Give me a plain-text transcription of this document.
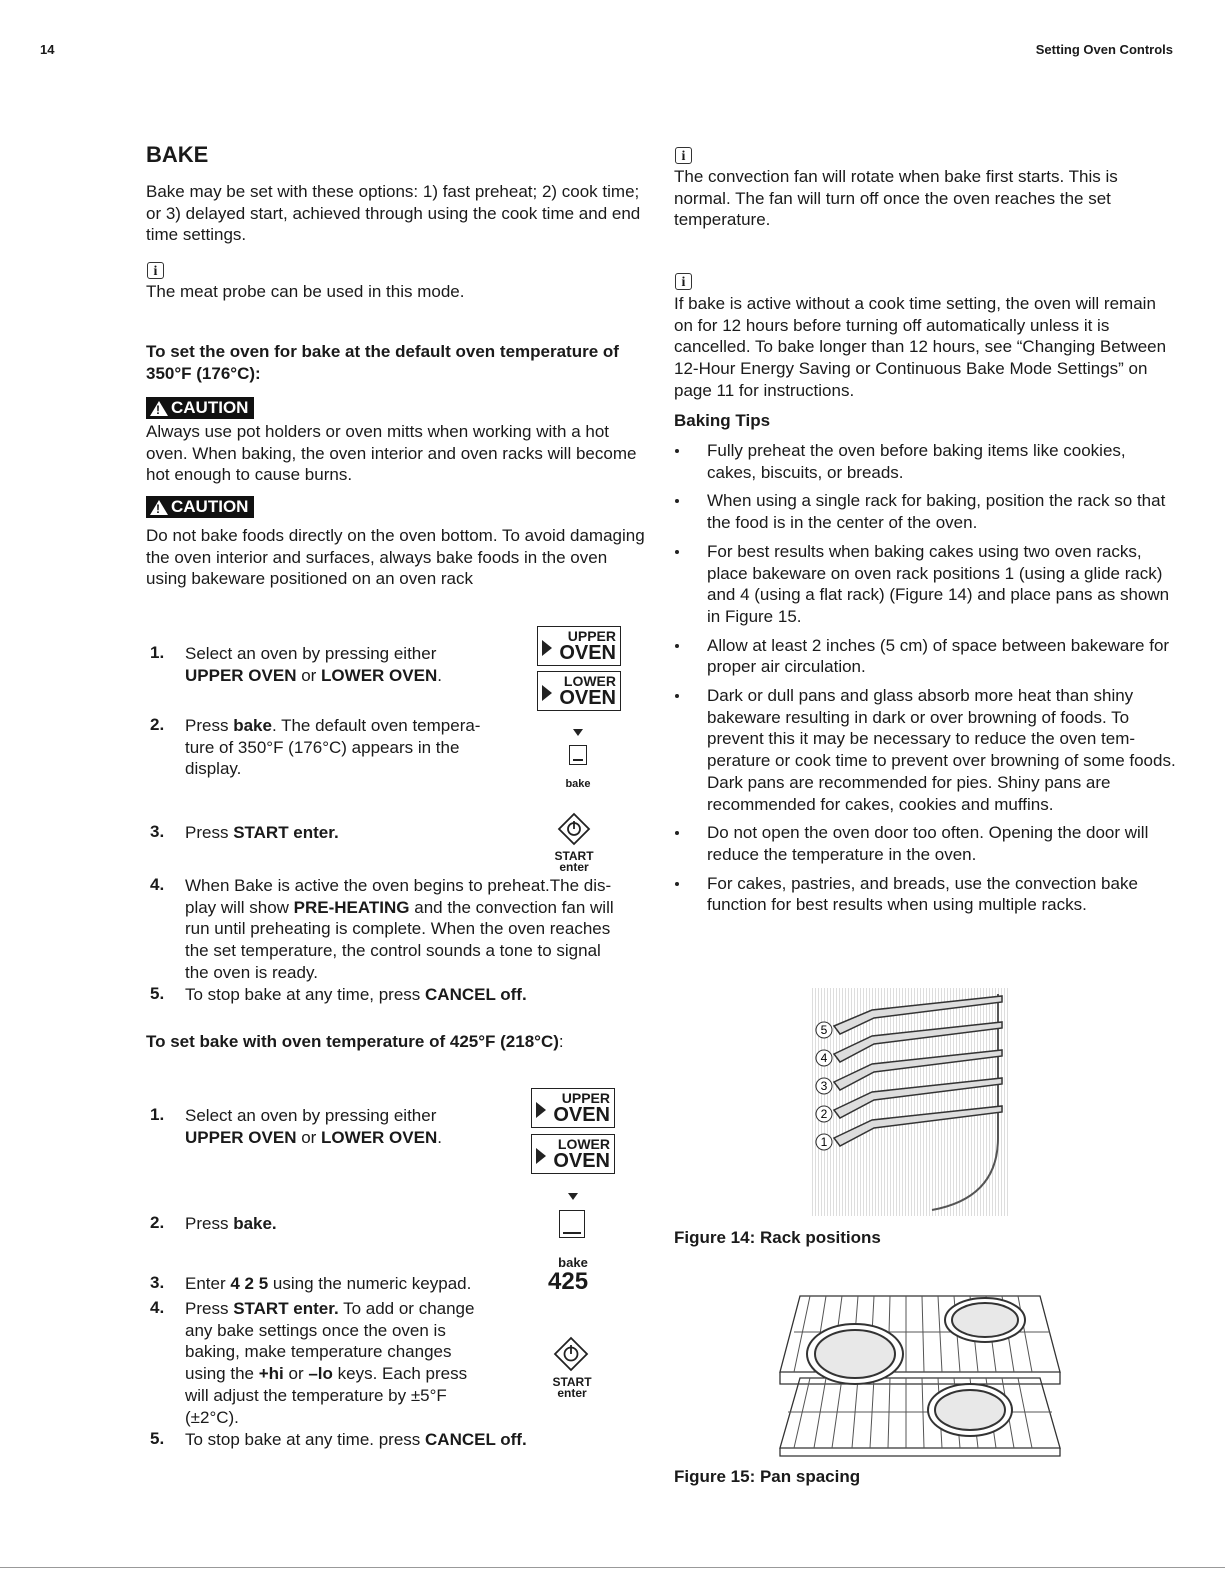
14	Setting Oven Controls
BAKE
Bake may be set with these options: 1) fast preheat; 2) cook time; or 3) delayed start, achieved through using the cook time and end time settings.
i
The meat probe can be used in this mode.
To set the oven for bake at the default oven temperature of 350°F (176°C):
! CAUTION
Always use pot holders or oven mitts when working with a hot oven. When baking, the oven interior and oven racks will become hot enough to cause burns.
! CAUTION
Do not bake foods directly on the oven bottom. To avoid damaging the oven interior and surfaces, always bake foods in the oven using bakeware positioned on an oven rack
1. Select an oven by pressing either
UPPER OVEN or LOWER OVEN.
2. Press bake. The default oven tempera-
ture of 350°F (176°C) appears in the
display.
3. Press START enter.
4. When Bake is active the oven begins to preheat.The dis-
play will show PRE-HEATING and the convection fan will
run until preheating is complete. When the oven reaches
the set temperature, the control sounds a tone to signal
the oven is ready.
5. To stop bake at any time, press CANCEL off.
UPPER
OVEN
LOWER
OVEN
bake
START
enter
To set bake with oven temperature of 425°F (218°C):
1. Select an oven by pressing either
UPPER OVEN or LOWER OVEN.
2. Press bake.
3. Enter 4 2 5 using the numeric keypad.
4. Press START enter. To add or change
any bake settings once the oven is
baking, make temperature changes
using the +hi or –lo keys. Each press
will adjust the temperature by ±5°F
(±2°C).
5. To stop bake at any time. press CANCEL off.
UPPER
OVEN
LOWER
OVEN
bake
425
START
enter
i
The convection fan will rotate when bake first starts. This is normal. The fan will turn off once the oven reaches the set temperature.
i
If bake is active without a cook time setting, the oven will remain on for 12 hours before turning off automatically unless it is cancelled. To bake longer than 12 hours, see “Changing Between 12-Hour Energy Saving or Continuous Bake Mode Settings” on page 11 for instructions.
Baking Tips
Fully preheat the oven before baking items like cookies, cakes, biscuits, or breads.
When using a single rack for baking, position the rack so that the food is in the center of the oven.
For best results when baking cakes using two oven racks, place bakeware on oven rack positions 1 (using a glide rack) and 4 (using a flat rack) (Figure 14) and place pans as shown in Figure 15.
Allow at least 2 inches (5 cm) of space between bakeware for proper air circulation.
Dark or dull pans and glass absorb more heat than shiny bakeware resulting in dark or over browning of foods. To prevent this it may be necessary to reduce the oven tem-perature or cook time to prevent over browning of some foods. Dark pans are recommended for pies. Shiny pans are recommended for cakes, cookies and muffins.
Do not open the oven door too often. Opening the door will reduce the temperature in the oven.
For cakes, pastries, and breads, use the convection bake function for best results when using multiple racks.
5
4
3
2
1
Figure 14: Rack positions
Figure 15: Pan spacing
